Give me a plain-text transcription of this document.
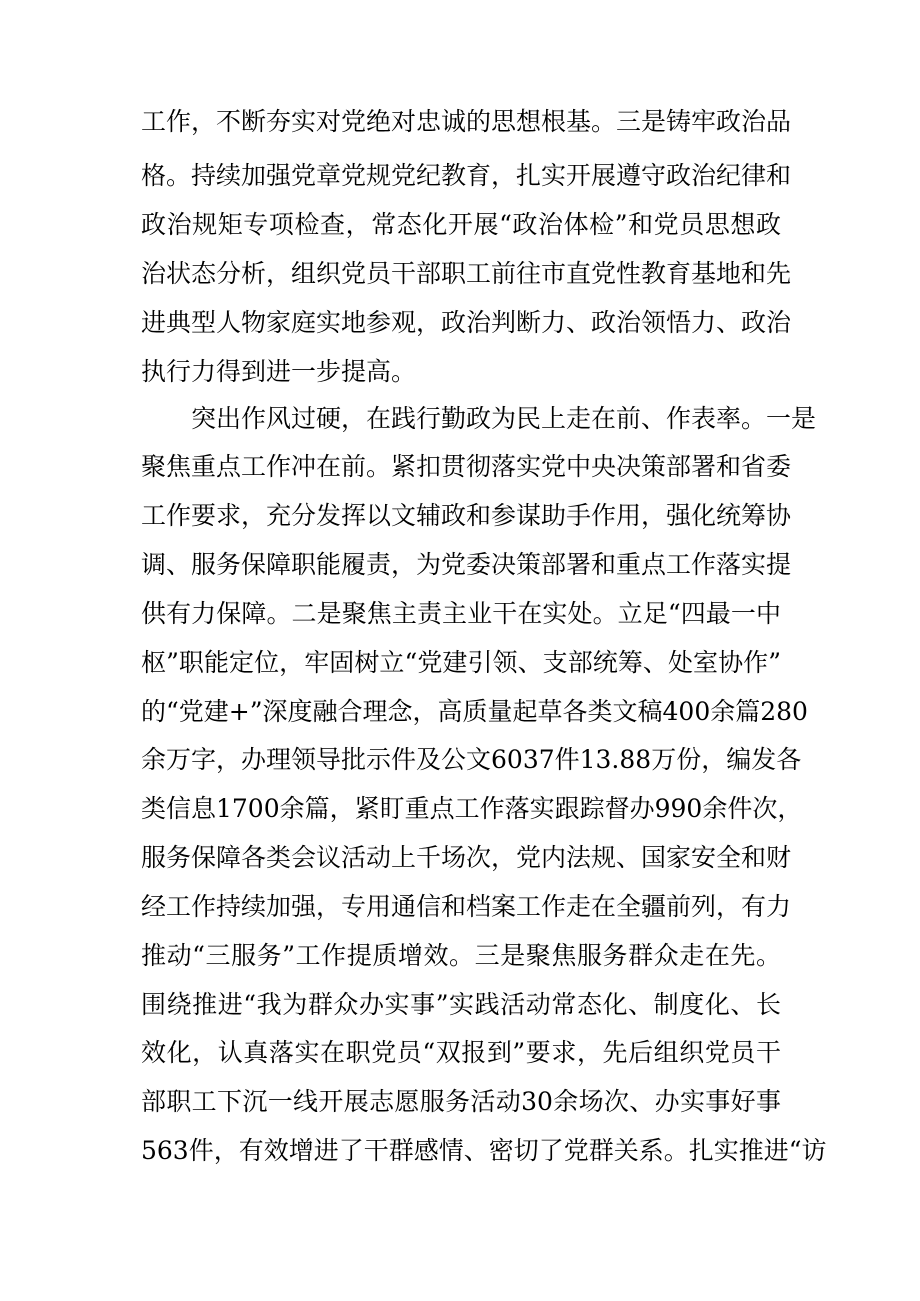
工作，不断夯实对党绝对忠诚的思想根基。三是铸牢政治品
格。持续加强党章党规党纪教育，扎实开展遵守政治纪律和
政治规矩专项检查，常态化开展“政治体检”和党员思想政
治状态分析，组织党员干部职工前往市直党性教育基地和先
进典型人物家庭实地参观，政治判断力、政治领悟力、政治
执行力得到进一步提高。
突出作风过硬，在践行勤政为民上走在前、作表率。一是
聚焦重点工作冲在前。紧扣贯彻落实党中央决策部署和省委
工作要求，充分发挥以文辅政和参谋助手作用，强化统筹协
调、服务保障职能履责，为党委决策部署和重点工作落实提
供有力保障。二是聚焦主责主业干在实处。立足“四最一中
枢”职能定位，牢固树立“党建引领、支部统筹、处室协作”
的“党建+”深度融合理念，高质量起草各类文稿400余篇280
余万字，办理领导批示件及公文6037件13.88万份，编发各
类信息1700余篇，紧盯重点工作落实跟踪督办990余件次，
服务保障各类会议活动上千场次，党内法规、国家安全和财
经工作持续加强，专用通信和档案工作走在全疆前列，有力
推动“三服务”工作提质增效。三是聚焦服务群众走在先。
围绕推进“我为群众办实事”实践活动常态化、制度化、长
效化，认真落实在职党员“双报到”要求，先后组织党员干
部职工下沉一线开展志愿服务活动30余场次、办实事好事
563件，有效增进了干群感情、密切了党群关系。扎实推进“访
